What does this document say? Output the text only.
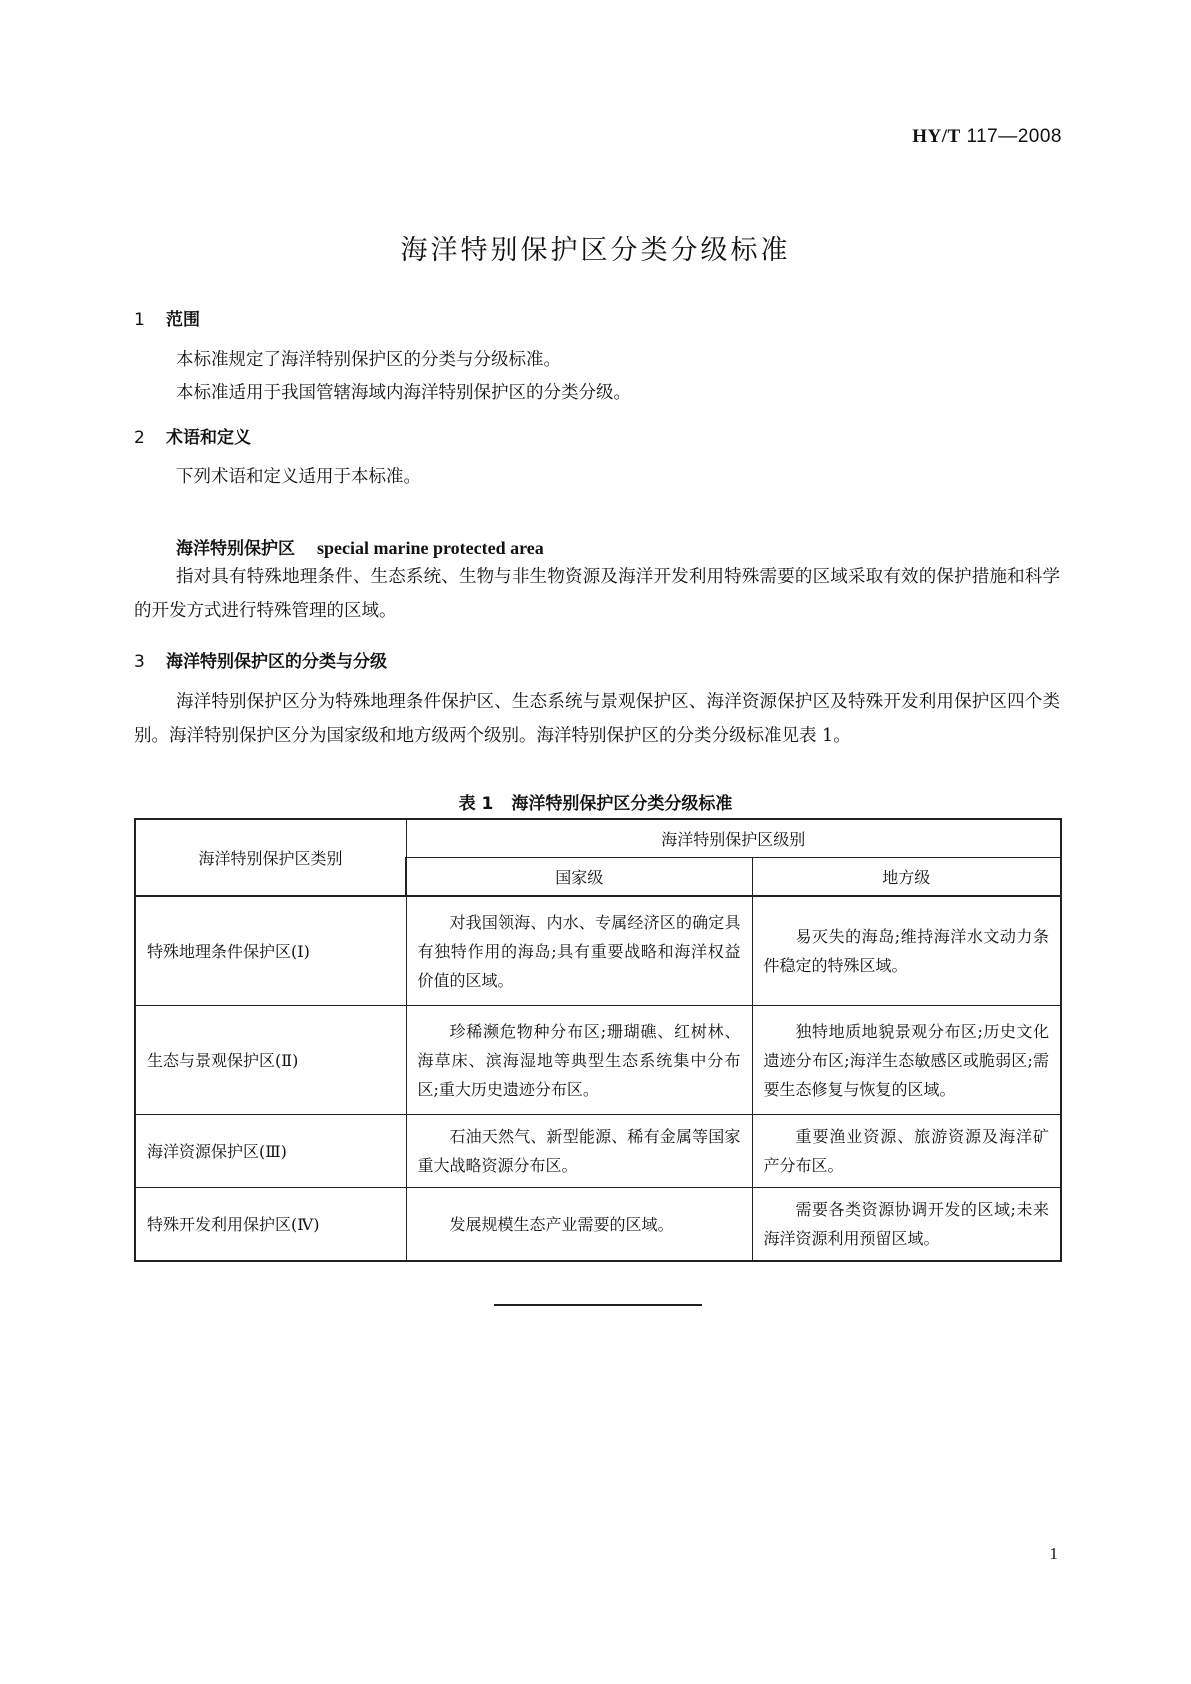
HY/T 117—2008
海洋特别保护区分类分级标准
1 范围
本标准规定了海洋特别保护区的分类与分级标准。
本标准适用于我国管辖海域内海洋特别保护区的分类分级。
2 术语和定义
下列术语和定义适用于本标准。
海洋特别保护区 special marine protected area
指对具有特殊地理条件、生态系统、生物与非生物资源及海洋开发利用特殊需要的区域采取有效的保护措施和科学的开发方式进行特殊管理的区域。
3 海洋特别保护区的分类与分级
海洋特别保护区分为特殊地理条件保护区、生态系统与景观保护区、海洋资源保护区及特殊开发利用保护区四个类别。海洋特别保护区分为国家级和地方级两个级别。海洋特别保护区的分类分级标准见表 1。
表 1 海洋特别保护区分类分级标准
海洋特别保护区类别	海洋特别保护区级别	
	国家级	地方级
特殊地理条件保护区(Ⅰ)	对我国领海、内水、专属经济区的确定具有独特作用的海岛;具有重要战略和海洋权益价值的区域。	易灭失的海岛;维持海洋水文动力条件稳定的特殊区域。

生态与景观保护区(Ⅱ)	珍稀濒危物种分布区;珊瑚礁、红树林、海草床、滨海湿地等典型生态系统集中分布区;重大历史遗迹分布区。	独特地质地貌景观分布区;历史文化遗迹分布区;海洋生态敏感区或脆弱区;需要生态修复与恢复的区域。

海洋资源保护区(Ⅲ)	石油天然气、新型能源、稀有金属等国家重大战略资源分布区。	重要渔业资源、旅游资源及海洋矿产分布区。

特殊开发利用保护区(Ⅳ)	发展规模生态产业需要的区域。	需要各类资源协调开发的区域;未来海洋资源利用预留区域。
1
